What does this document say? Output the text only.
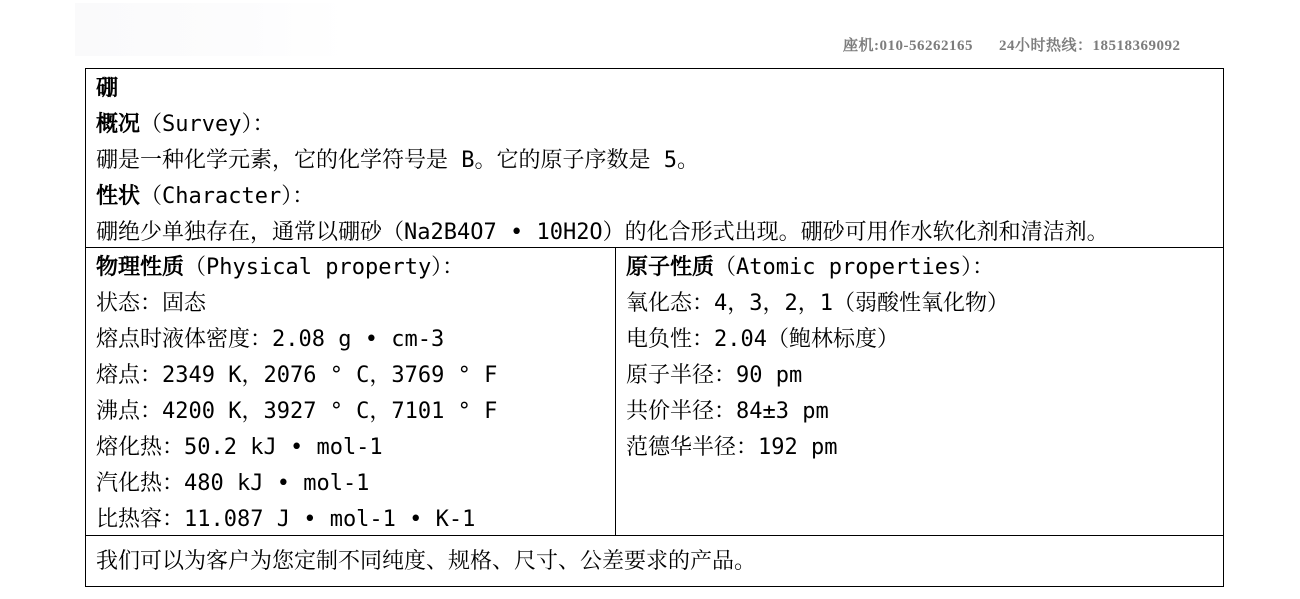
座机:010-56262165 24小时热线：18518369092
硼
概况（Survey）：
硼是一种化学元素，它的化学符号是 B。它的原子序数是 5。
性状（Character）：
硼绝少单独存在，通常以硼砂（Na2B4O7 • 10H2O）的化合形式出现。硼砂可用作水软化剂和清洁剂。
物理性质（Physical property）：
状态：固态
熔点时液体密度：2.08 g • cm-3
熔点：2349 K，2076 ° C，3769 ° F
沸点：4200 K，3927 ° C，7101 ° F
熔化热：50.2 kJ • mol-1
汽化热：480 kJ • mol-1
比热容：11.087 J • mol-1 • K-1
原子性质（Atomic properties）：
氧化态：4，3，2，1（弱酸性氧化物）
电负性：2.04（鲍林标度）
原子半径：90 pm
共价半径：84±3 pm
范德华半径：192 pm
我们可以为客户为您定制不同纯度、规格、尺寸、公差要求的产品。
